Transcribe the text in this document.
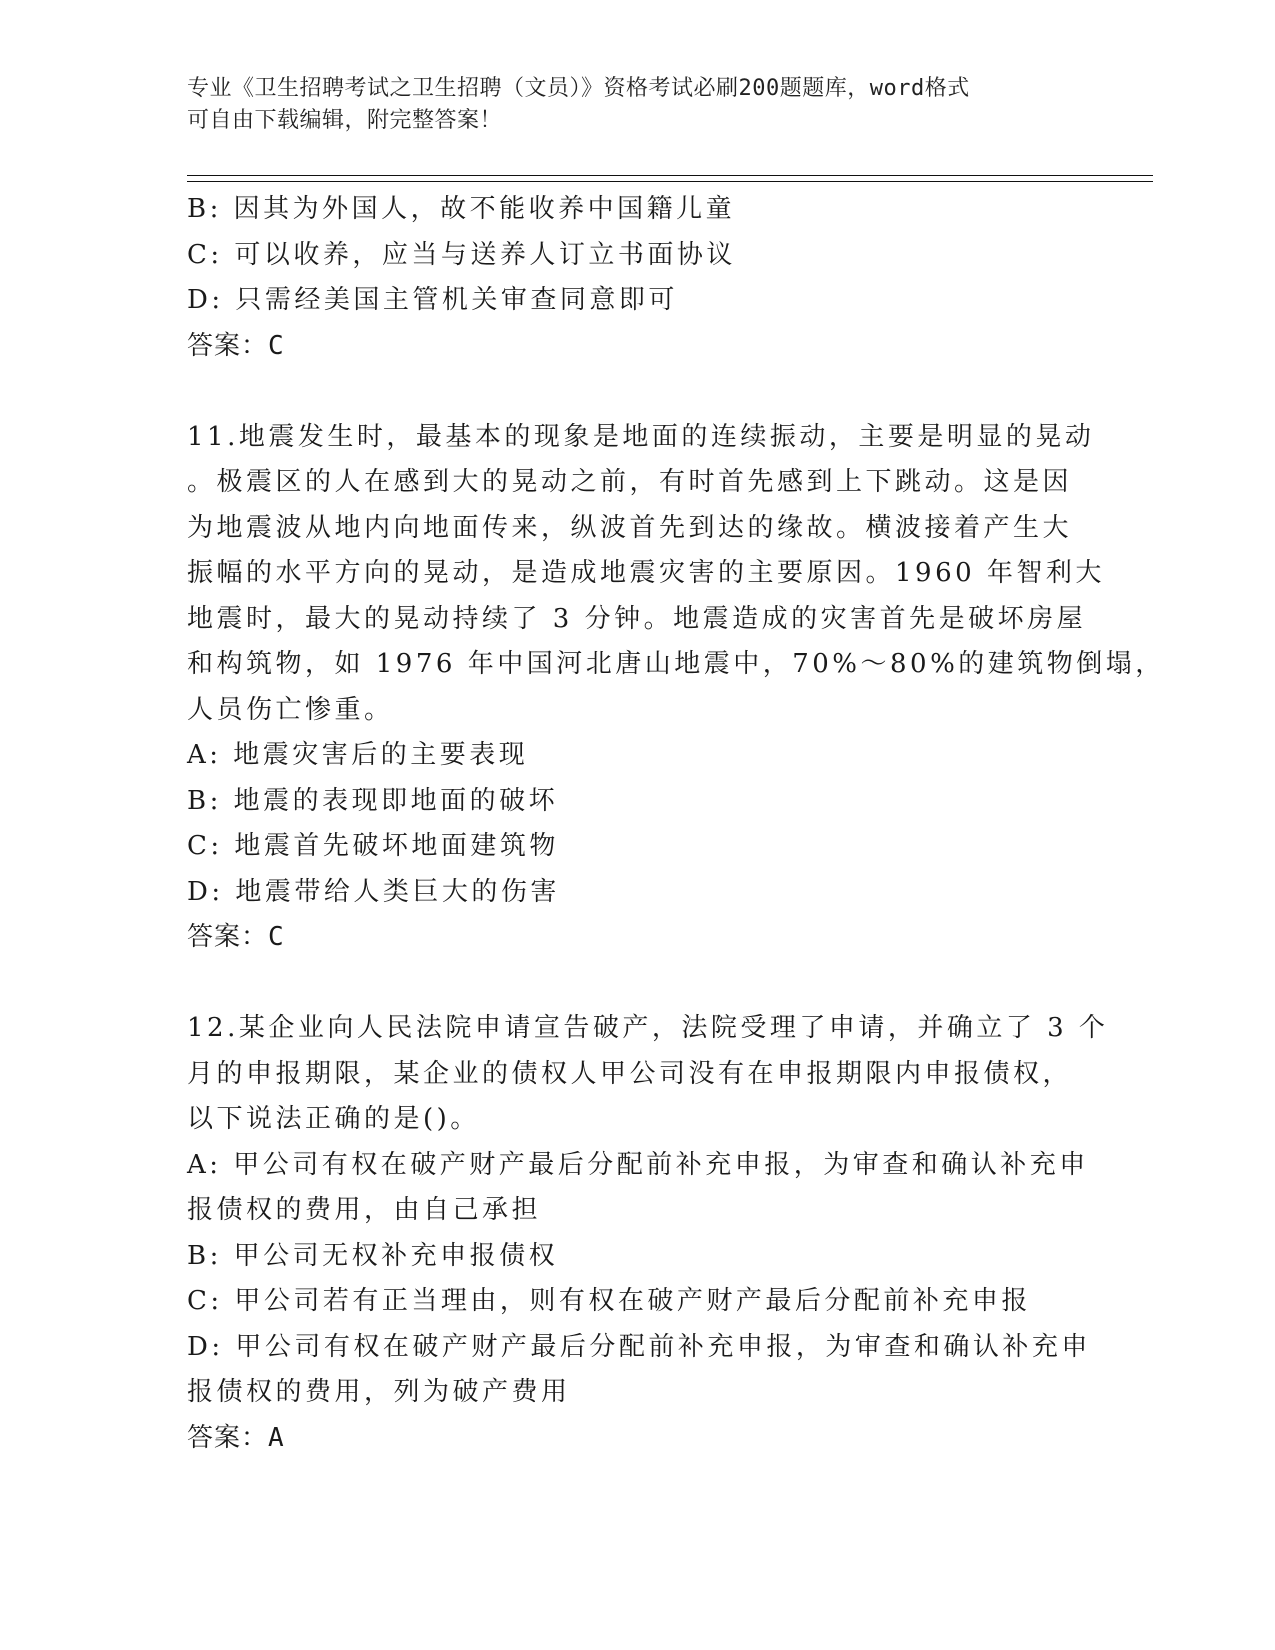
专业《卫生招聘考试之卫生招聘（文员）》资格考试必刷200题题库，word格式
可自由下载编辑，附完整答案！
B: 因其为外国人，故不能收养中国籍儿童
C: 可以收养，应当与送养人订立书面协议
D: 只需经美国主管机关审查同意即可
答案：C
11.地震发生时，最基本的现象是地面的连续振动，主要是明显的晃动
。极震区的人在感到大的晃动之前，有时首先感到上下跳动。这是因
为地震波从地内向地面传来，纵波首先到达的缘故。横波接着产生大
振幅的水平方向的晃动，是造成地震灾害的主要原因。1960 年智利大
地震时，最大的晃动持续了 3 分钟。地震造成的灾害首先是破坏房屋
和构筑物，如 1976 年中国河北唐山地震中，70%～80%的建筑物倒塌，
人员伤亡惨重。
A: 地震灾害后的主要表现
B: 地震的表现即地面的破坏
C: 地震首先破坏地面建筑物
D: 地震带给人类巨大的伤害
答案：C
12.某企业向人民法院申请宣告破产，法院受理了申请，并确立了 3 个
月的申报期限，某企业的债权人甲公司没有在申报期限内申报债权，
以下说法正确的是()。
A: 甲公司有权在破产财产最后分配前补充申报，为审查和确认补充申
报债权的费用，由自己承担
B: 甲公司无权补充申报债权
C: 甲公司若有正当理由，则有权在破产财产最后分配前补充申报
D: 甲公司有权在破产财产最后分配前补充申报，为审查和确认补充申
报债权的费用，列为破产费用
答案：A
